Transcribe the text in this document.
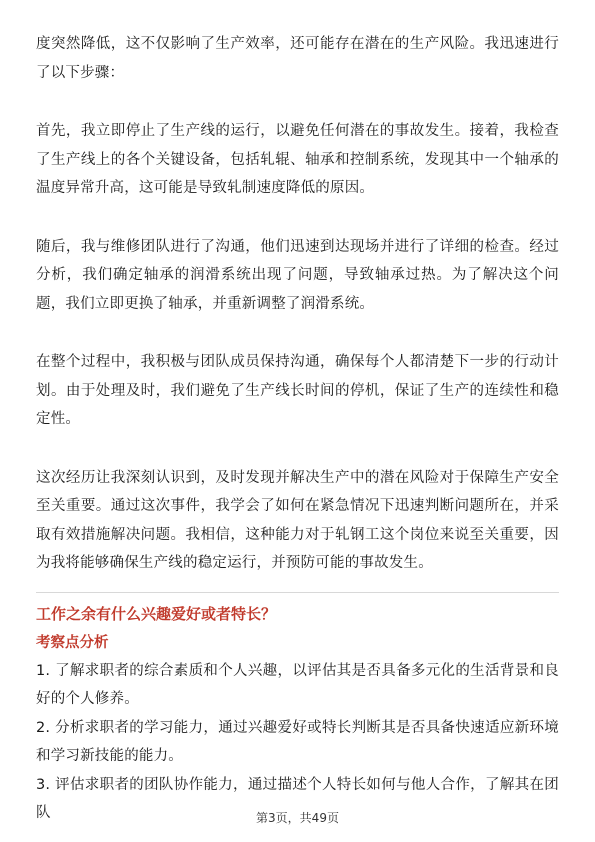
度突然降低，这不仅影响了生产效率，还可能存在潜在的生产风险。我迅速进行了以下步骤：

首先，我立即停止了生产线的运行，以避免任何潜在的事故发生。接着，我检查了生产线上的各个关键设备，包括轧辊、轴承和控制系统，发现其中一个轴承的温度异常升高，这可能是导致轧制速度降低的原因。

随后，我与维修团队进行了沟通，他们迅速到达现场并进行了详细的检查。经过分析，我们确定轴承的润滑系统出现了问题，导致轴承过热。为了解决这个问题，我们立即更换了轴承，并重新调整了润滑系统。

在整个过程中，我积极与团队成员保持沟通，确保每个人都清楚下一步的行动计划。由于处理及时，我们避免了生产线长时间的停机，保证了生产的连续性和稳定性。

这次经历让我深刻认识到，及时发现并解决生产中的潜在风险对于保障生产安全至关重要。通过这次事件，我学会了如何在紧急情况下迅速判断问题所在，并采取有效措施解决问题。我相信，这种能力对于轧钢工这个岗位来说至关重要，因为我将能够确保生产线的稳定运行，并预防可能的事故发生。

工作之余有什么兴趣爱好或者特长？
考察点分析

1. 了解求职者的综合素质和个人兴趣，以评估其是否具备多元化的生活背景和良好的个人修养。

2. 分析求职者的学习能力，通过兴趣爱好或特长判断其是否具备快速适应新环境和学习新技能的能力。

3. 评估求职者的团队协作能力，通过描述个人特长如何与他人合作，了解其在团队	第3页，共49页
